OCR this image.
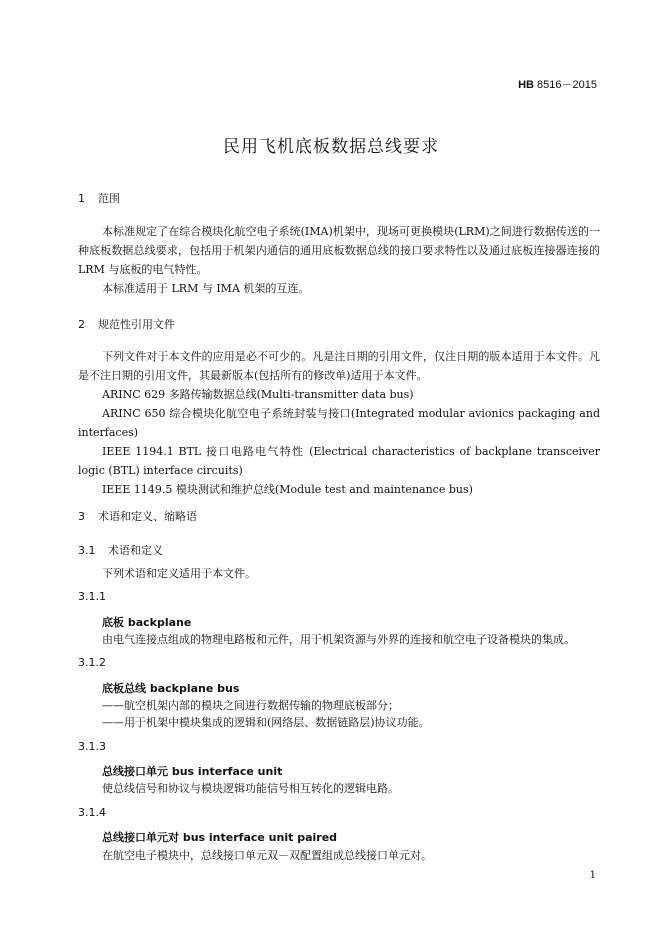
HB 8516－2015
民用飞机底板数据总线要求
1 范围
本标准规定了在综合模块化航空电子系统(IMA)机架中，现场可更换模块(LRM)之间进行数据传送的一种底板数据总线要求，包括用于机架内通信的通用底板数据总线的接口要求特性以及通过底板连接器连接的 LRM 与底板的电气特性。
本标准适用于 LRM 与 IMA 机架的互连。
2 规范性引用文件
下列文件对于本文件的应用是必不可少的。凡是注日期的引用文件，仅注日期的版本适用于本文件。凡是不注日期的引用文件，其最新版本(包括所有的修改单)适用于本文件。
ARINC 629 多路传输数据总线(Multi-transmitter data bus)
ARINC 650 综合模块化航空电子系统封装与接口(Integrated modular avionics packaging and interfaces)
IEEE 1194.1 BTL 接口电路电气特性 (Electrical characteristics of backplane transceiver logic (BTL) interface circuits)
IEEE 1149.5 模块测试和维护总线(Module test and maintenance bus)
3 术语和定义、缩略语
3.1 术语和定义
下列术语和定义适用于本文件。
3.1.1
底板 backplane
由电气连接点组成的物理电路板和元件，用于机架资源与外界的连接和航空电子设备模块的集成。
3.1.2
底板总线 backplane bus
——航空机架内部的模块之间进行数据传输的物理底板部分；
——用于机架中模块集成的逻辑和(网络层、数据链路层)协议功能。
3.1.3
总线接口单元 bus interface unit
使总线信号和协议与模块逻辑功能信号相互转化的逻辑电路。
3.1.4
总线接口单元对 bus interface unit paired
在航空电子模块中，总线接口单元双－双配置组成总线接口单元对。
1
